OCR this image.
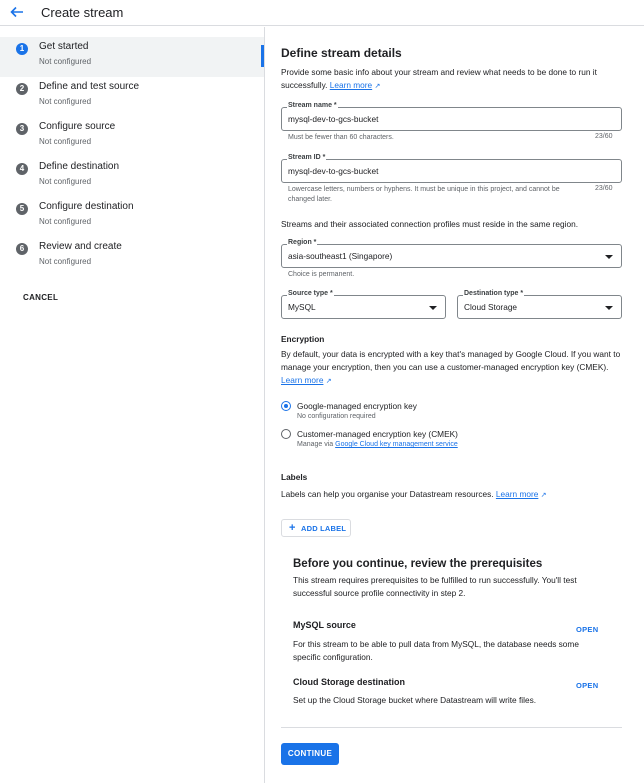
Create stream
1	Get started
Not configured
2	Define and test source
Not configured
3	Configure source
Not configured
4	Define destination
Not configured
5	Configure destination
Not configured
6	Review and create
Not configured
CANCEL
Define stream details
Provide some basic info about your stream and review what needs to be done to run it successfully. Learn more ↗
Stream name *
mysql-dev-to-gcs-bucket
Must be fewer than 60 characters.	23/60
Stream ID *
mysql-dev-to-gcs-bucket
Lowercase letters, numbers or hyphens. It must be unique in this project, and cannot be changed later.
23/60
Streams and their associated connection profiles must reside in the same region.
Region *
asia-southeast1 (Singapore)
Choice is permanent.
Source type *
MySQL
Destination type *
Cloud Storage
Encryption
By default, your data is encrypted with a key that's managed by Google Cloud. If you want to manage your encryption, then you can use a customer-managed encryption key (CMEK). Learn more ↗
Google-managed encryption key
No configuration required
Customer-managed encryption key (CMEK)
Manage via Google Cloud key management service
Labels
Labels can help you organise your Datastream resources. Learn more ↗
+ ADD LABEL
Before you continue, review the prerequisites
This stream requires prerequisites to be fulfilled to run successfully. You'll test successful source profile connectivity in step 2.
MySQL source
For this stream to be able to pull data from MySQL, the database needs some specific configuration.
OPEN
Cloud Storage destination
Set up the Cloud Storage bucket where Datastream will write files.
OPEN
CONTINUE
